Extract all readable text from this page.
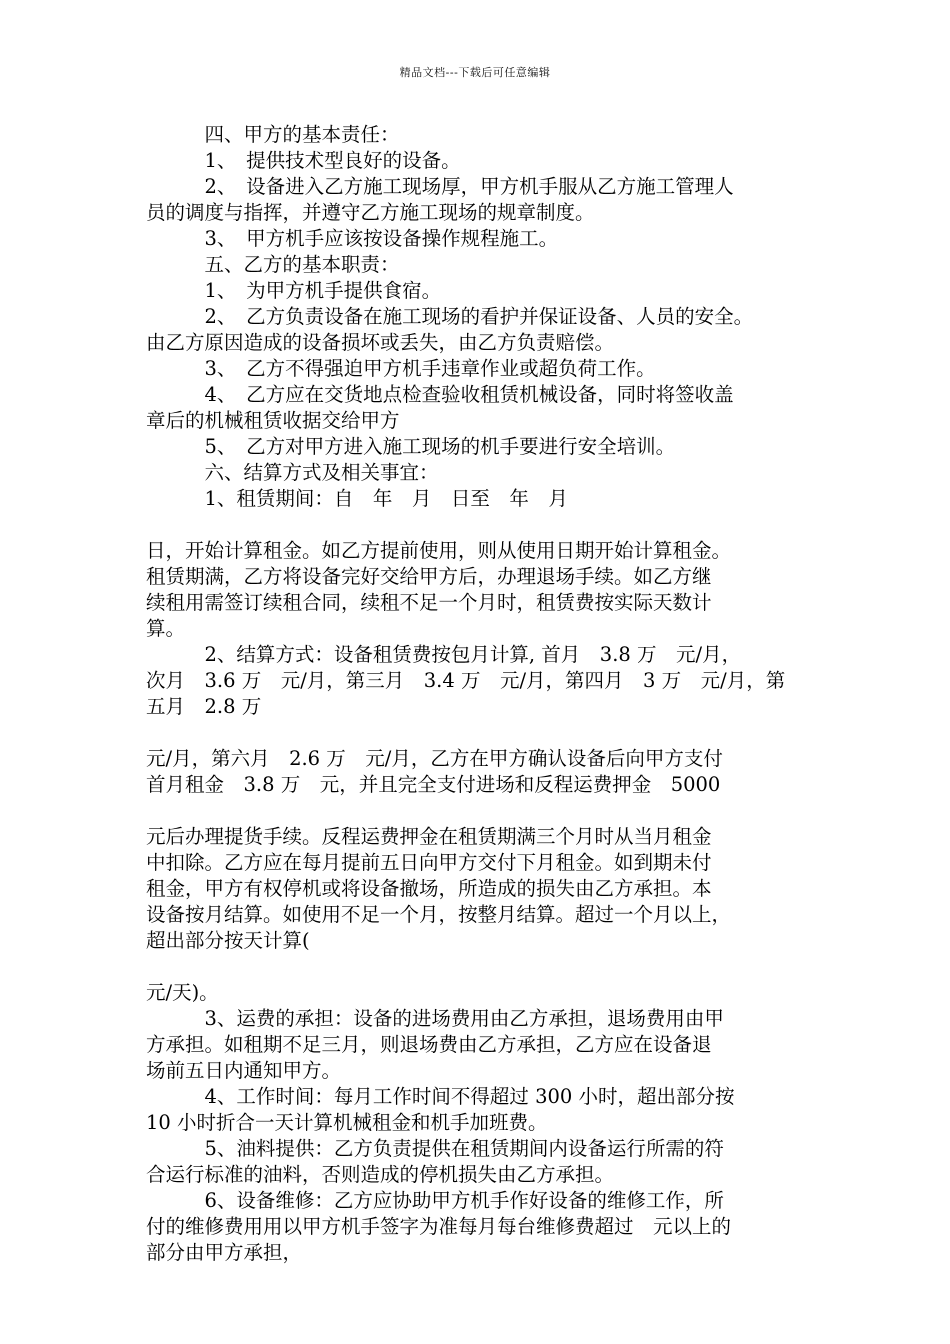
精品文档---下载后可任意编辑
　　　四、甲方的基本责任：
　　　1、　提供技术型良好的设备。
　　　2、　设备进入乙方施工现场厚，甲方机手服从乙方施工管理人
员的调度与指挥，并遵守乙方施工现场的规章制度。
　　　3、　甲方机手应该按设备操作规程施工。
　　　五、乙方的基本职责：
　　　1、　为甲方机手提供食宿。
　　　2、　乙方负责设备在施工现场的看护并保证设备、人员的安全。
由乙方原因造成的设备损坏或丢失，由乙方负责赔偿。
　　　3、　乙方不得强迫甲方机手违章作业或超负荷工作。
　　　4、　乙方应在交货地点检查验收租赁机械设备，同时将签收盖
章后的机械租赁收据交给甲方
　　　5、　乙方对甲方进入施工现场的机手要进行安全培训。
　　　六、结算方式及相关事宜：
　　　1、租赁期间：自　年　月　日至　年　月
日，开始计算租金。如乙方提前使用，则从使用日期开始计算租金。
租赁期满，乙方将设备完好交给甲方后，办理退场手续。如乙方继
续租用需签订续租合同，续租不足一个月时，租赁费按实际天数计
算。
　　　2、结算方式：设备租赁费按包月计算, 首月　3.8 万　元/月，
次月　3.6 万　元/月，第三月　3.4 万　元/月，第四月　3 万　元/月，第
五月　2.8 万
元/月，第六月　2.6 万　元/月，乙方在甲方确认设备后向甲方支付
首月租金　3.8 万　元，并且完全支付进场和反程运费押金　5000
元后办理提货手续。反程运费押金在租赁期满三个月时从当月租金
中扣除。乙方应在每月提前五日向甲方交付下月租金。如到期未付
租金，甲方有权停机或将设备撤场，所造成的损失由乙方承担。本
设备按月结算。如使用不足一个月，按整月结算。超过一个月以上，
超出部分按天计算(
元/天)。
　　　3、运费的承担：设备的进场费用由乙方承担，退场费用由甲
方承担。如租期不足三月，则退场费由乙方承担，乙方应在设备退
场前五日内通知甲方。
　　　4、工作时间：每月工作时间不得超过 300 小时，超出部分按
10 小时折合一天计算机械租金和机手加班费。
　　　5、油料提供：乙方负责提供在租赁期间内设备运行所需的符
合运行标准的油料，否则造成的停机损失由乙方承担。
　　　6、设备维修：乙方应协助甲方机手作好设备的维修工作，所
付的维修费用用以甲方机手签字为准每月每台维修费超过　元以上的
部分由甲方承担，
